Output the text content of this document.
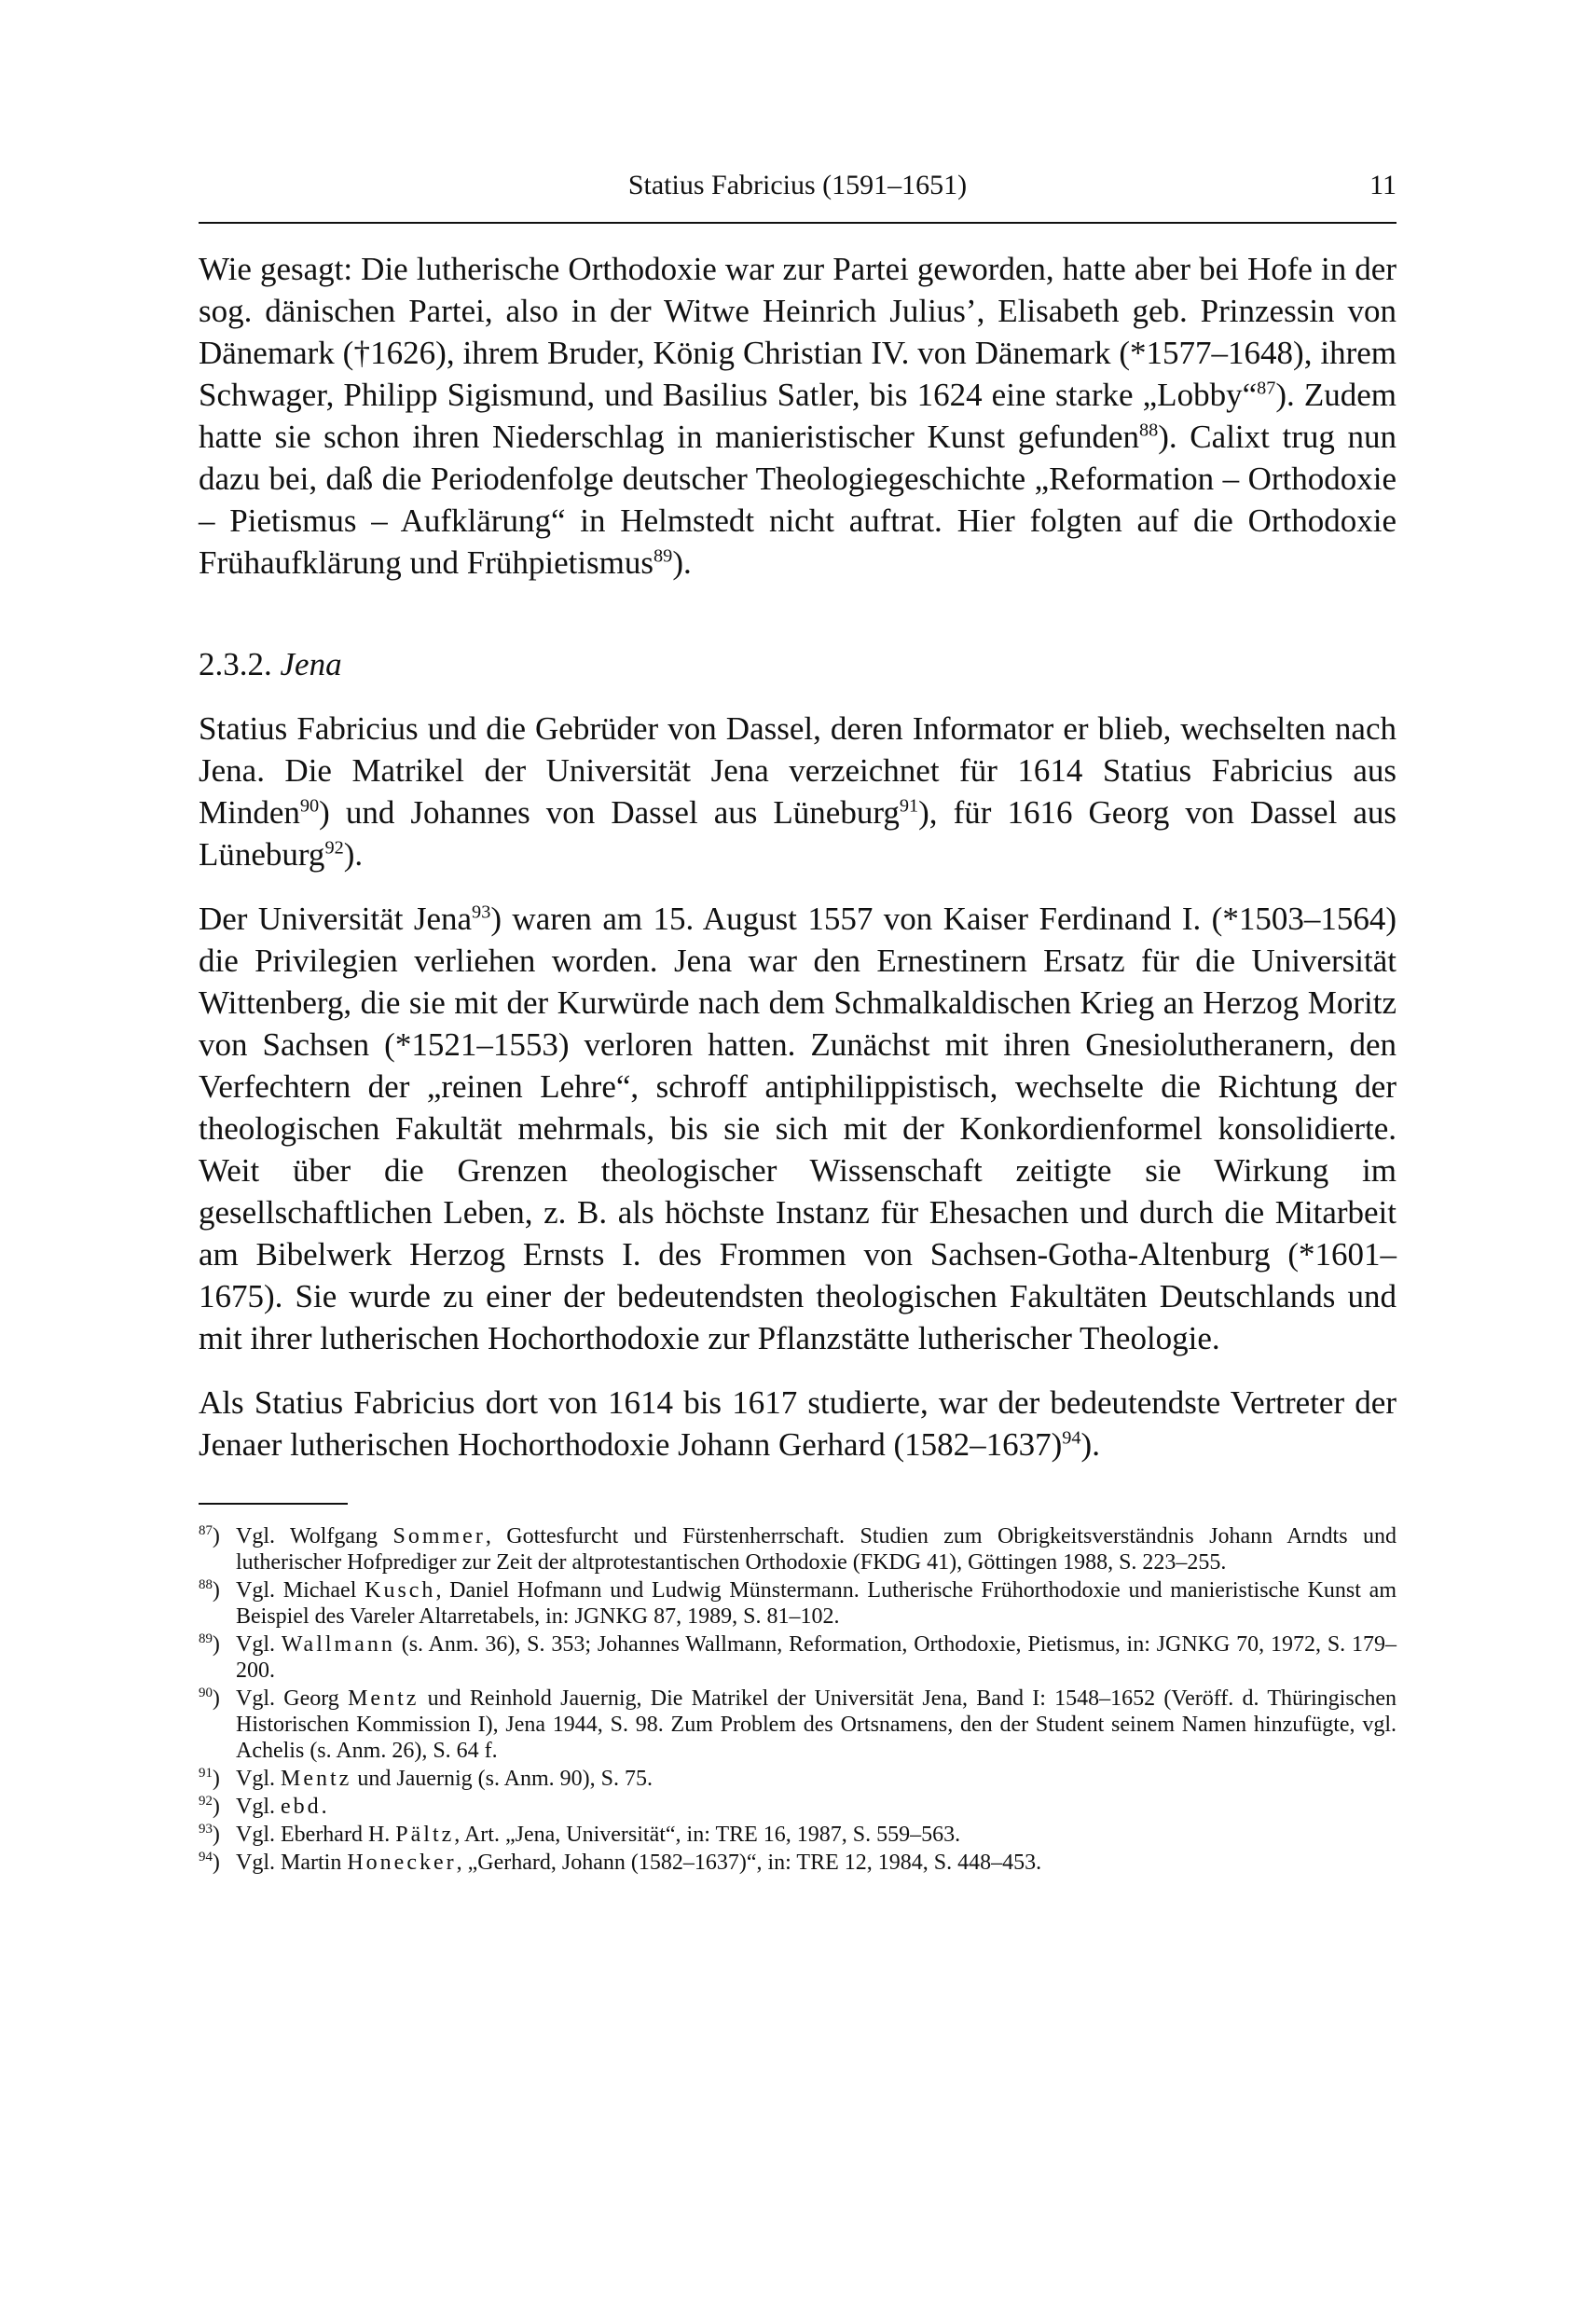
Statius Fabricius (1591–1651)	11

Wie gesagt: Die lutherische Orthodoxie war zur Partei geworden, hatte aber bei Hofe in der sog. dänischen Partei, also in der Witwe Heinrich Julius’, Elisabeth geb. Prinzessin von Dänemark (†1626), ihrem Bruder, König Christian IV. von Dänemark (*1577–1648), ihrem Schwager, Philipp Sigismund, und Basilius Satler, bis 1624 eine starke „Lobby“$^{87}$). Zudem hatte sie schon ihren Niederschlag in manieristischer Kunst gefunden$^{88}$). Calixt trug nun dazu bei, daß die Periodenfolge deutscher Theologiegeschichte „Reformation – Orthodoxie – Pietismus – Aufklärung“ in Helmstedt nicht auftrat. Hier folgten auf die Orthodoxie Frühaufklärung und Frühpietismus$^{89}$).

2.3.2. Jena

Statius Fabricius und die Gebrüder von Dassel, deren Informator er blieb, wechselten nach Jena. Die Matrikel der Universität Jena verzeichnet für 1614 Statius Fabricius aus Minden$^{90}$) und Johannes von Dassel aus Lüneburg$^{91}$), für 1616 Georg von Dassel aus Lüneburg$^{92}$).

Der Universität Jena$^{93}$) waren am 15. August 1557 von Kaiser Ferdinand I. (*1503–1564) die Privilegien verliehen worden. Jena war den Ernestinern Ersatz für die Universität Wittenberg, die sie mit der Kurwürde nach dem Schmalkaldischen Krieg an Herzog Moritz von Sachsen (*1521–1553) verloren hatten. Zunächst mit ihren Gnesiolutheranern, den Verfechtern der „reinen Lehre“, schroff antiphilippistisch, wechselte die Richtung der theologischen Fakultät mehrmals, bis sie sich mit der Konkordienformel konsolidierte. Weit über die Grenzen theologischer Wissenschaft zeitigte sie Wirkung im gesellschaftlichen Leben, z. B. als höchste Instanz für Ehesachen und durch die Mitarbeit am Bibelwerk Herzog Ernsts I. des Frommen von Sachsen-Gotha-Altenburg (*1601–1675). Sie wurde zu einer der bedeutendsten theologischen Fakultäten Deutschlands und mit ihrer lutherischen Hochorthodoxie zur Pflanzstätte lutherischer Theologie.

Als Statius Fabricius dort von 1614 bis 1617 studierte, war der bedeutendste Vertreter der Jenaer lutherischen Hochorthodoxie Johann Gerhard (1582–1637)$^{94}$).

$^{87}$) Vgl. Wolfgang Sommer, Gottesfurcht und Fürstenherrschaft. Studien zum Obrigkeitsverständnis Johann Arndts und lutherischer Hofprediger zur Zeit der altprotestantischen Orthodoxie (FKDG 41), Göttingen 1988, S. 223–255.
$^{88}$) Vgl. Michael Kusch, Daniel Hofmann und Ludwig Münstermann. Lutherische Frühorthodoxie und manieristische Kunst am Beispiel des Vareler Altarretabels, in: JGNKG 87, 1989, S. 81–102.
$^{89}$) Vgl. Wallmann (s. Anm. 36), S. 353; Johannes Wallmann, Reformation, Orthodoxie, Pietismus, in: JGNKG 70, 1972, S. 179–200.
$^{90}$) Vgl. Georg Mentz und Reinhold Jauernig, Die Matrikel der Universität Jena, Band I: 1548–1652 (Veröff. d. Thüringischen Historischen Kommission I), Jena 1944, S. 98. Zum Problem des Ortsnamens, den der Student seinem Namen hinzufügte, vgl. Achelis (s. Anm. 26), S. 64 f.
$^{91}$) Vgl. Mentz und Jauernig (s. Anm. 90), S. 75.
$^{92}$) Vgl. ebd.
$^{93}$) Vgl. Eberhard H. Pältz, Art. „Jena, Universität“, in: TRE 16, 1987, S. 559–563.
$^{94}$) Vgl. Martin Honecker, „Gerhard, Johann (1582–1637)“, in: TRE 12, 1984, S. 448–453.
